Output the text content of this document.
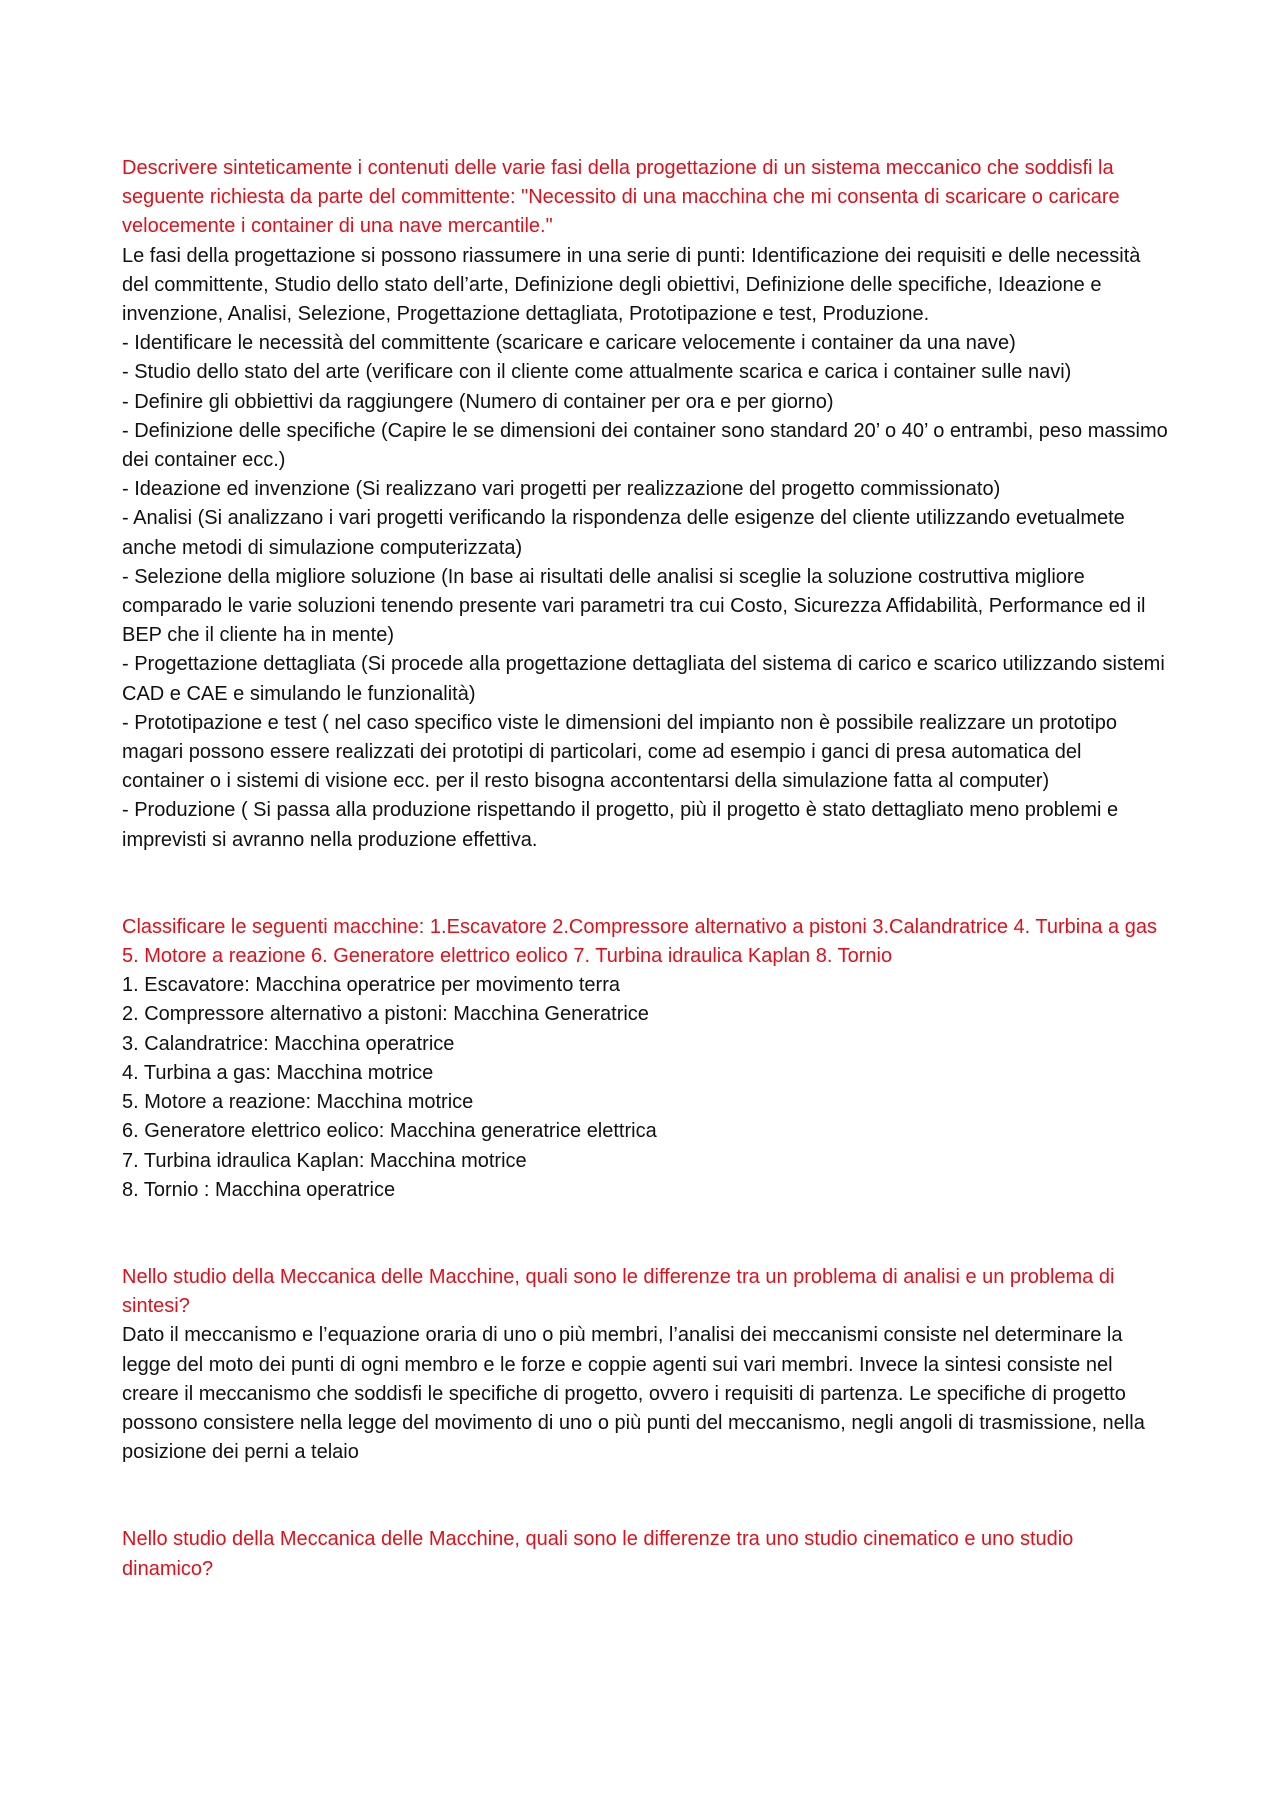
Descrivere sinteticamente i contenuti delle varie fasi della progettazione di un sistema meccanico che soddisfi la seguente richiesta da parte del committente: "Necessito di una macchina che mi consenta di scaricare o caricare velocemente i container di una nave mercantile."

Le fasi della progettazione si possono riassumere in una serie di punti: Identificazione dei requisiti e delle necessità del committente, Studio dello stato dell’arte, Definizione degli obiettivi, Definizione delle specifiche, Ideazione e invenzione, Analisi, Selezione, Progettazione dettagliata, Prototipazione e test, Produzione.
- Identificare le necessità del committente (scaricare e caricare velocemente i container da una nave)
- Studio dello stato del arte (verificare con il cliente come attualmente scarica e carica i container sulle navi)
- Definire gli obbiettivi da raggiungere (Numero di container per ora e per giorno)
- Definizione delle specifiche (Capire le se dimensioni dei container sono standard 20’ o 40’ o entrambi, peso massimo dei container ecc.)
- Ideazione ed invenzione (Si realizzano vari progetti per realizzazione del progetto commissionato)
- Analisi (Si analizzano i vari progetti verificando la rispondenza delle esigenze del cliente utilizzando evetualmete anche metodi di simulazione computerizzata)
- Selezione della migliore soluzione (In base ai risultati delle analisi si sceglie la soluzione costruttiva migliore comparado le varie soluzioni tenendo presente vari parametri tra cui Costo, Sicurezza Affidabilità, Performance ed il BEP che il cliente ha in mente)
- Progettazione dettagliata (Si procede alla progettazione dettagliata del sistema di carico e scarico utilizzando sistemi CAD e CAE e simulando le funzionalità)
- Prototipazione e test ( nel caso specifico viste le dimensioni del impianto non è possibile realizzare un prototipo magari possono essere realizzati dei prototipi di particolari, come ad esempio i ganci di presa automatica del container o i sistemi di visione ecc. per il resto bisogna accontentarsi della simulazione fatta al computer)
- Produzione ( Si passa alla produzione rispettando il progetto, più il progetto è stato dettagliato meno problemi e imprevisti si avranno nella produzione effettiva.

Classificare le seguenti macchine: 1.Escavatore 2.Compressore alternativo a pistoni 3.Calandratrice 4. Turbina a gas 5. Motore a reazione 6. Generatore elettrico eolico 7. Turbina idraulica Kaplan 8. Tornio

1. Escavatore: Macchina operatrice per movimento terra
2. Compressore alternativo a pistoni: Macchina Generatrice
3. Calandratrice: Macchina operatrice
4. Turbina a gas: Macchina motrice
5. Motore a reazione: Macchina motrice
6. Generatore elettrico eolico: Macchina generatrice elettrica
7. Turbina idraulica Kaplan: Macchina motrice
8. Tornio : Macchina operatrice

Nello studio della Meccanica delle Macchine, quali sono le differenze tra un problema di analisi e un problema di sintesi?

Dato il meccanismo e l’equazione oraria di uno o più membri, l’analisi dei meccanismi consiste nel determinare la legge del moto dei punti di ogni membro e le forze e coppie agenti sui vari membri. Invece la sintesi consiste nel creare il meccanismo che soddisfi le specifiche di progetto, ovvero i requisiti di partenza. Le specifiche di progetto possono consistere nella legge del movimento di uno o più punti del meccanismo, negli angoli di trasmissione, nella posizione dei perni a telaio

Nello studio della Meccanica delle Macchine, quali sono le differenze tra uno studio cinematico e uno studio dinamico?
